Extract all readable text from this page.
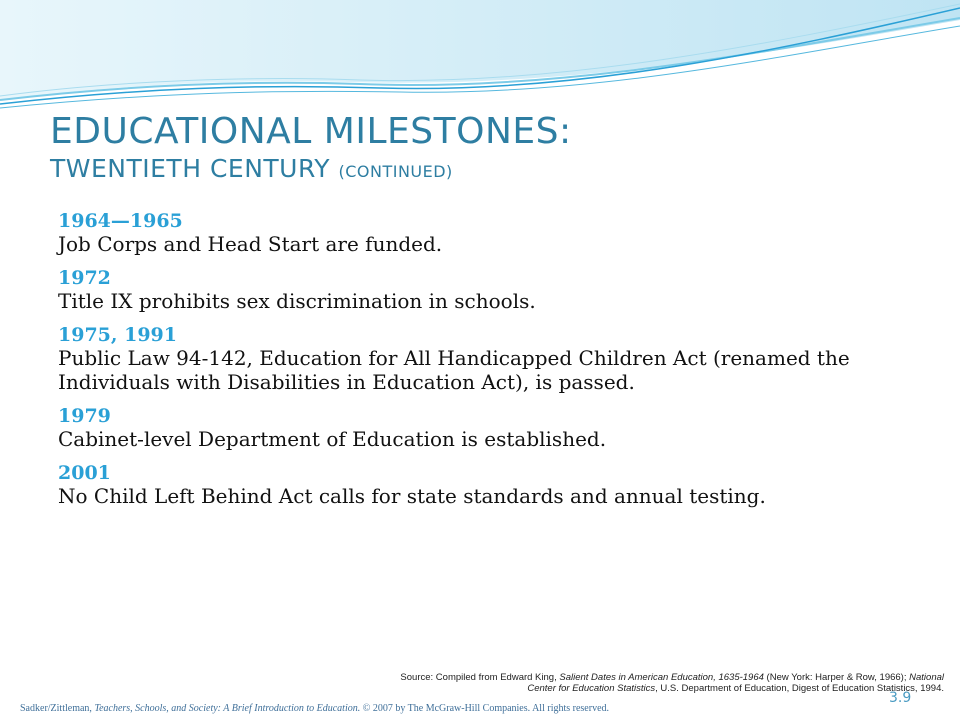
EDUCATIONAL MILESTONES:
TWENTIETH CENTURY (CONTINUED)
1964—1965
Job Corps and Head Start are funded.
1972
Title IX prohibits sex discrimination in schools.
1975, 1991
Public Law 94-142, Education for All Handicapped Children Act (renamed the Individuals with Disabilities in Education Act), is passed.
1979
Cabinet-level Department of Education is established.
2001
No Child Left Behind Act calls for state standards and annual testing.
Source: Compiled from Edward King, Salient Dates in American Education, 1635-1964 (New York: Harper & Row, 1966); National Center for Education Statistics, U.S. Department of Education, Digest of Education Statistics, 1994.
3.9
Sadker/Zittleman, Teachers, Schools, and Society: A Brief Introduction to Education. © 2007 by The McGraw-Hill Companies. All rights reserved.
